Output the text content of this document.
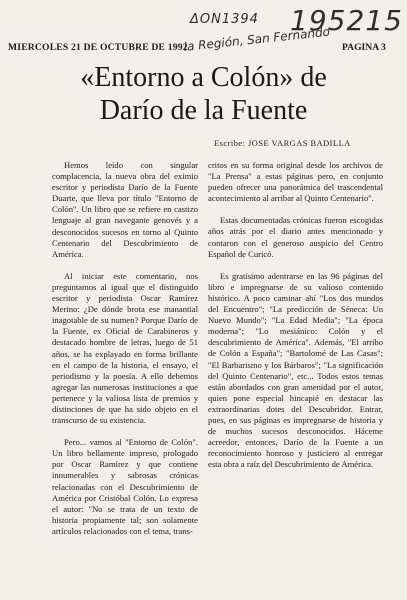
ΔON1394 195215
la Región, San Fernando
MIERCOLES 21 DE OCTUBRE DE 1992	PAGINA 3
«Entorno a Colón» de
Darío de la Fuente
Escribe: JOSE VARGAS BADILLA

Hemos leído con singular complacencia, la nueva obra del eximio escritor y periodista Darío de la Fuente Duarte, que lleva por título "Entorno de Colón". Un libro que se refiere en castizo lenguaje al gran navegante genovés y a desconocidos sucesos en torno al Quinto Centenario del Descubrimiento de América.

Al iniciar este comentario, nos preguntamos al igual que el distinguido escritor y periodista Oscar Ramírez Merino: ¿De dónde brota ese manantial inagotable de su numen? Porque Darío de la Fuente, ex Oficial de Carabineros y destacado hombre de letras, luego de 51 años, se ha explayado en forma brillante en el campo de la historia, el ensayo, el periodismo y la poesía. A ello debemos agregar las numerosas instituciones a que pertenece y la valiosa lista de premios y distinciones de que ha sido objeto en el transcurso de su existencia.

Pero... vamos al "Entorno de Colón". Un libro bellamente impreso, prologado por Oscar Ramírez y que contiene innumerables y sabrosas crónicas relacionadas con el Descubrimiento de América por Cristóbal Colón. Lo expresa el autor: "No se trata de un texto de historia propiamente tal; son solamente artículos relacionados con el tema, trans-

critos en su forma original desde los archivos de "La Prensa" a estas páginas pero, en conjunto pueden ofrecer una panorámica del trascendental acontecimiento al arribar al Quinto Centenario".

Estas documentadas crónicas fueron escogidas años atrás por el diario antes mencionado y contaron con el generoso auspicio del Centro Español de Curicó.

Es gratísimo adentrarse en las 96 páginas del libro e impregnarse de su valioso contenido histórico. A poco caminar ahí "Los dos mundos del Encuentro"; "La predicción de Séneca: Un Nuevo Mundo"; "La Edad Media"; "La época moderna"; "Lo mesiánico: Colón y el descubrimiento de América". Además, "El arribo de Colón a España"; "Bartolomé de Las Casas"; "El Barbarismo y los Bárbaros"; "La significación del Quinto Centenario", etc... Todos estos temas están abordados con gran amenidad por el autor, quien pone especial hincapié en destacar las extraordinarias dotes del Descubridor. Entrar, pues, en sus páginas es impregnarse de historia y de muchos sucesos desconocidos. Háceme acreedor, entonces, Darío de la Fuente a un reconocimiento honroso y justiciero al entregar esta obra a raíz del Descubrimiento de América.
